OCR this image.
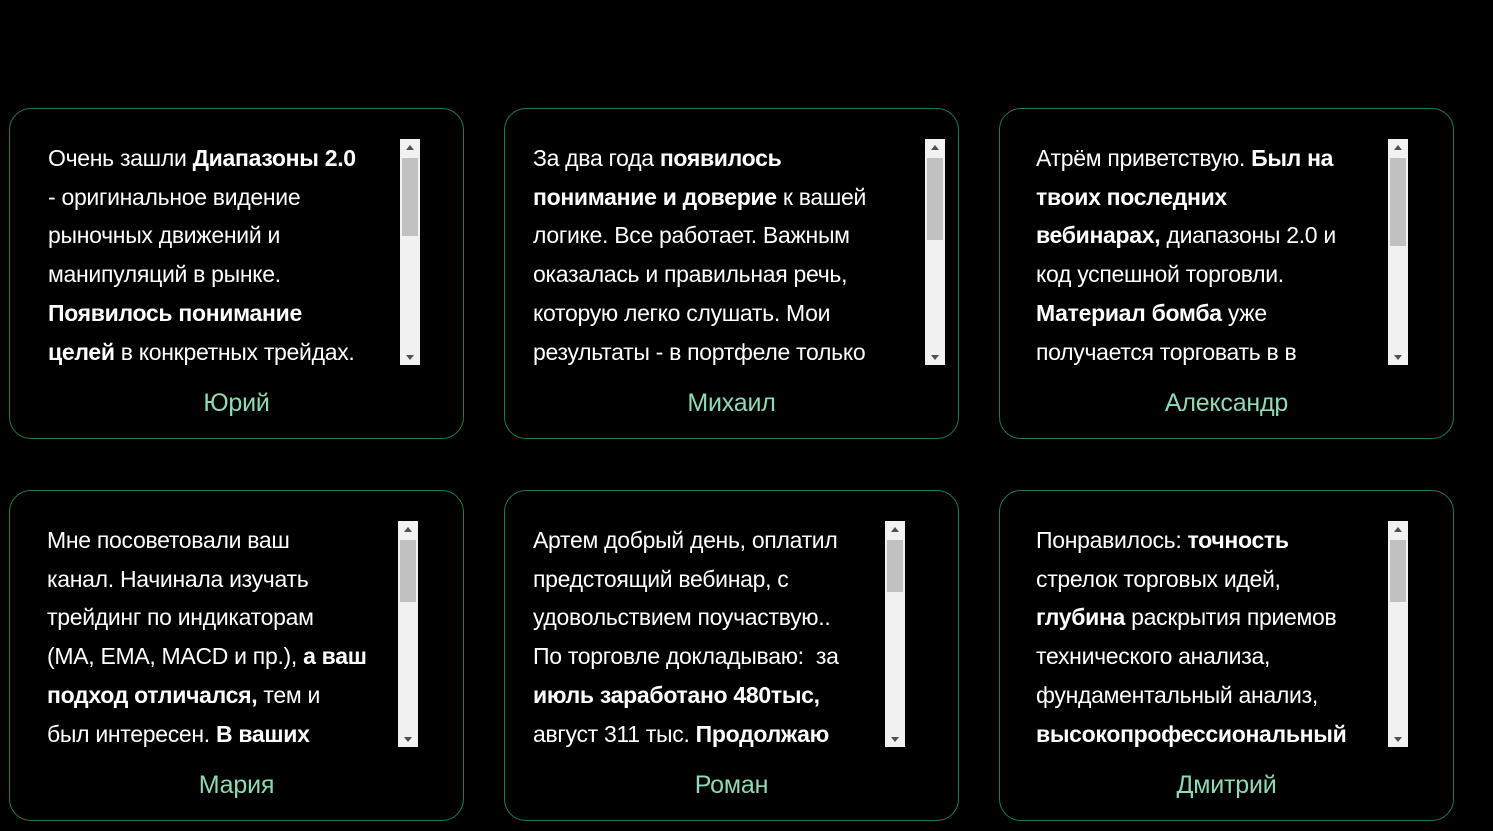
Очень зашли Диапазоны 2.0

- оригинальное видение

рыночных движений и

манипуляций в рынке.

Появилось понимание

целей в конкретных трейдах.

Юрий

За два года появилось

понимание и доверие к вашей

логике. Все работает. Важным

оказалась и правильная речь,

которую легко слушать. Мои

результаты - в портфеле только

Михаил

Атрём приветствую. Был на

твоих последних

вебинарах, диапазоны 2.0 и

код успешной торговли.

Материал бомба уже

получается торговать в в

Александр

Мне посоветовали ваш

канал. Начинала изучать

трейдинг по индикаторам

(MA, EMA, MACD и пр.), а ваш

подход отличался, тем и

был интересен. В ваших

Мария

Артем добрый день, оплатил

предстоящий вебинар, с

удовольствием поучаствую..

По торговле докладываю:  за

июль заработано 480тыс,

август 311 тыс. Продолжаю

Роман

Понравилось: точность

стрелок торговых идей,

глубина раскрытия приемов

технического анализа,

фундаментальный анализ,

высокопрофессиональный

Дмитрий
